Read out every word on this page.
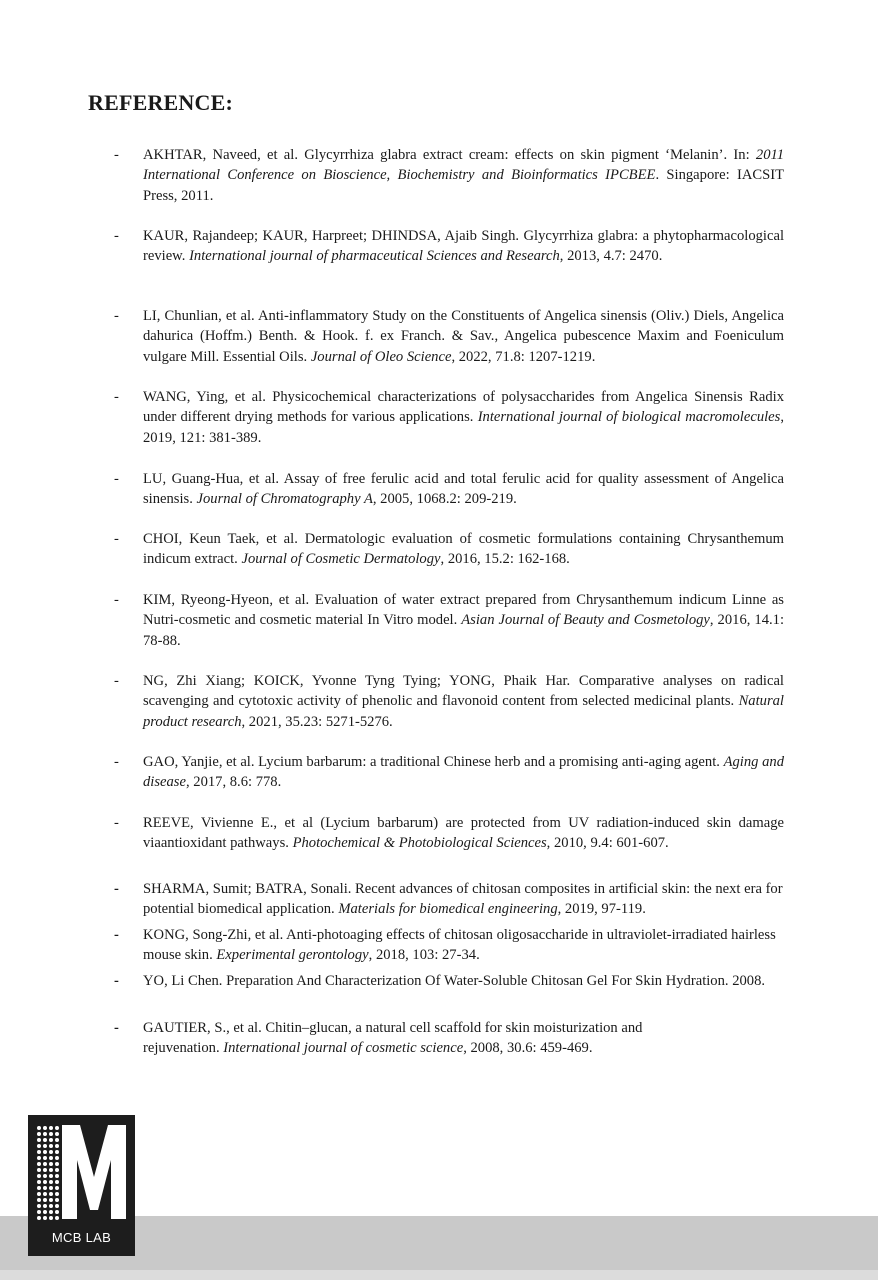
REFERENCE:
- AKHTAR, Naveed, et al. Glycyrrhiza glabra extract cream: effects on skin pigment ‘Melanin’. In: 2011 International Conference on Bioscience, Biochemistry and Bioinformatics IPCBEE. Singapore: IACSIT Press, 2011.
- KAUR, Rajandeep; KAUR, Harpreet; DHINDSA, Ajaib Singh. Glycyrrhiza glabra: a phytopharmacological review. International journal of pharmaceutical Sciences and Research, 2013, 4.7: 2470.
- LI, Chunlian, et al. Anti-inflammatory Study on the Constituents of Angelica sinensis (Oliv.) Diels, Angelica dahurica (Hoffm.) Benth. & Hook. f. ex Franch. & Sav., Angelica pubescence Maxim and Foeniculum vulgare Mill. Essential Oils. Journal of Oleo Science, 2022, 71.8: 1207-1219.
- WANG, Ying, et al. Physicochemical characterizations of polysaccharides from Angelica Sinensis Radix under different drying methods for various applications. International journal of biological macromolecules, 2019, 121: 381-389.
- LU, Guang-Hua, et al. Assay of free ferulic acid and total ferulic acid for quality assessment of Angelica sinensis. Journal of Chromatography A, 2005, 1068.2: 209-219.
- CHOI, Keun Taek, et al. Dermatologic evaluation of cosmetic formulations containing Chrysanthemum indicum extract. Journal of Cosmetic Dermatology, 2016, 15.2: 162-168.
- KIM, Ryeong-Hyeon, et al. Evaluation of water extract prepared from Chrysanthemum indicum Linne as Nutri-cosmetic and cosmetic material In Vitro model. Asian Journal of Beauty and Cosmetology, 2016, 14.1: 78-88.
- NG, Zhi Xiang; KOICK, Yvonne Tyng Tying; YONG, Phaik Har. Comparative analyses on radical scavenging and cytotoxic activity of phenolic and flavonoid content from selected medicinal plants. Natural product research, 2021, 35.23: 5271-5276.
- GAO, Yanjie, et al. Lycium barbarum: a traditional Chinese herb and a promising anti-aging agent. Aging and disease, 2017, 8.6: 778.
- REEVE, Vivienne E., et al (Lycium barbarum) are protected from UV radiation-induced skin damage viaantioxidant pathways. Photochemical & Photobiological Sciences, 2010, 9.4: 601-607.
- SHARMA, Sumit; BATRA, Sonali. Recent advances of chitosan composites in artificial skin: the next era for potential biomedical application. Materials for biomedical engineering, 2019, 97-119.
- KONG, Song-Zhi, et al. Anti-photoaging effects of chitosan oligosaccharide in ultraviolet-irradiated hairless mouse skin. Experimental gerontology, 2018, 103: 27-34.
- YO, Li Chen. Preparation And Characterization Of Water-Soluble Chitosan Gel For Skin Hydration. 2008.
- GAUTIER, S., et al. Chitin–glucan, a natural cell scaffold for skin moisturization and rejuvenation. International journal of cosmetic science, 2008, 30.6: 459-469.
MCB LAB
